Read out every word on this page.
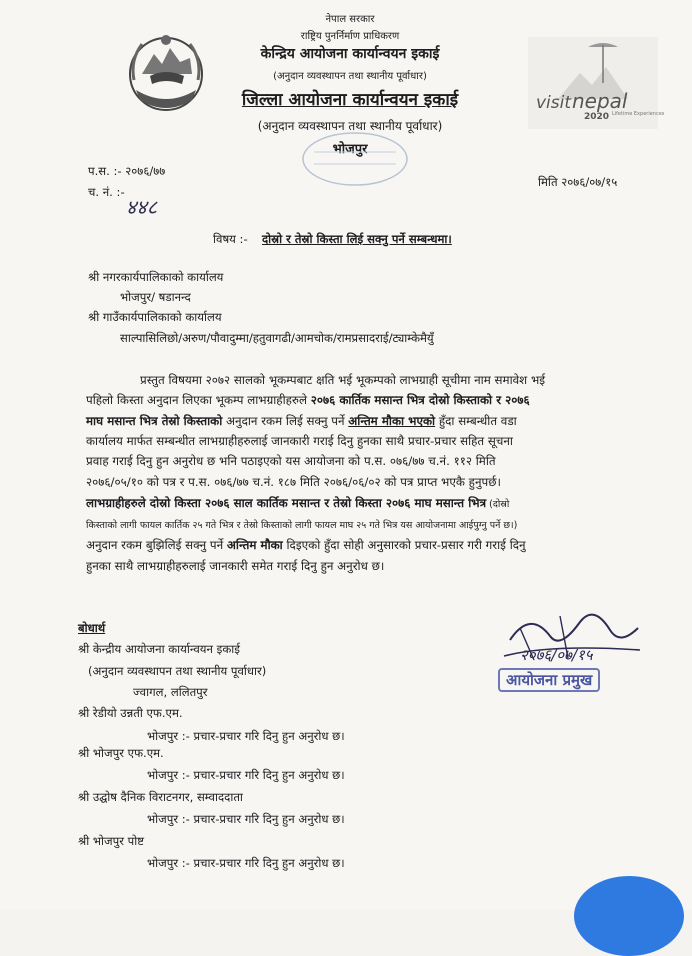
visit nepal
2020 Lifetime Experiences
नेपाल सरकार
राष्ट्रिय पुनर्निर्माण प्राधिकरण
केन्द्रिय आयोजना कार्यान्वयन इकाई
(अनुदान व्यवस्थापन तथा स्थानीय पूर्वाधार)
जिल्ला आयोजना कार्यान्वयन इकाई
(अनुदान व्यवस्थापन तथा स्थानीय पूर्वाधार)
भोजपुर
प.स. :- २०७६/७७
च. नं. :-
४४८
मिति २०७६/०७/१५
विषय :- दोस्रो र तेस्रो किस्ता लिई सक्नु पर्ने सम्बन्धमा।
श्री नगरकार्यपालिकाको कार्यालय
भोजपुर/ षडानन्द
श्री गाउँकार्यपालिकाको कार्यालय
साल्पासिलिछो/अरुण/पौवादुम्मा/हतुवागढी/आमचोक/रामप्रसादराई/ट्याम्केमैयुँ
प्रस्तुत विषयमा २०७२ सालको भूकम्पबाट क्षति भई भूकम्पको लाभग्राही सूचीमा नाम समावेश भई
पहिलो किस्ता अनुदान लिएका भूकम्प लाभग्राहीहरुले २०७६ कार्तिक मसान्त भित्र दोस्रो किस्ताको र २०७६
माघ मसान्त भित्र तेस्रो किस्ताको अनुदान रकम लिई सक्नु पर्ने अन्तिम मौका भएको हुँदा सम्बन्धीत वडा
कार्यालय मार्फत सम्बन्धीत लाभग्राहीहरुलाई जानकारी गराई दिनु हुनका साथै प्रचार-प्रचार सहित सूचना
प्रवाह गराई दिनु हुन अनुरोध छ भनि पठाइएको यस आयोजना को प.स. ०७६/७७ च.नं. ११२ मिति
२०७६/०५/१० को पत्र र प.स. ०७६/७७ च.नं. १८७ मिति २०७६/०६/०२ को पत्र प्राप्त भएकै हुनुपर्छ।
लाभग्राहीहरुले दोस्रो किस्ता २०७६ साल कार्तिक मसान्त र तेस्रो किस्ता २०७६ माघ मसान्त भित्र (दोस्रो
किस्ताको लागी फायल कार्तिक २५ गते भित्र र तेस्रो किस्ताको लागी फायल माघ २५ गते भित्र यस आयोजनामा आईपुग्नु पर्ने छ।)
अनुदान रकम बुझिलिई सक्नु पर्ने अन्तिम मौका दिइएको हुँदा सोही अनुसारको प्रचार-प्रसार गरी गराई दिनु
हुनका साथै लाभग्राहीहरुलाई जानकारी समेत गराई दिनु हुन अनुरोध छ।
२०७६/०७/१५
आयोजना प्रमुख
बोधार्थ
श्री केन्द्रीय आयोजना कार्यान्वयन इकाई
(अनुदान व्यवस्थापन तथा स्थानीय पूर्वाधार)
ज्वागल, ललितपुर
श्री रेडीयो उन्नती एफ.एम.
भोजपुर :- प्रचार-प्रचार गरि दिनु हुन अनुरोध छ।
श्री भोजपुर एफ.एम.
भोजपुर :- प्रचार-प्रचार गरि दिनु हुन अनुरोध छ।
श्री उद्घोष दैनिक विराटनगर, सम्वाददाता
भोजपुर :- प्रचार-प्रचार गरि दिनु हुन अनुरोध छ।
श्री भोजपुर पोष्ट
भोजपुर :- प्रचार-प्रचार गरि दिनु हुन अनुरोध छ।
